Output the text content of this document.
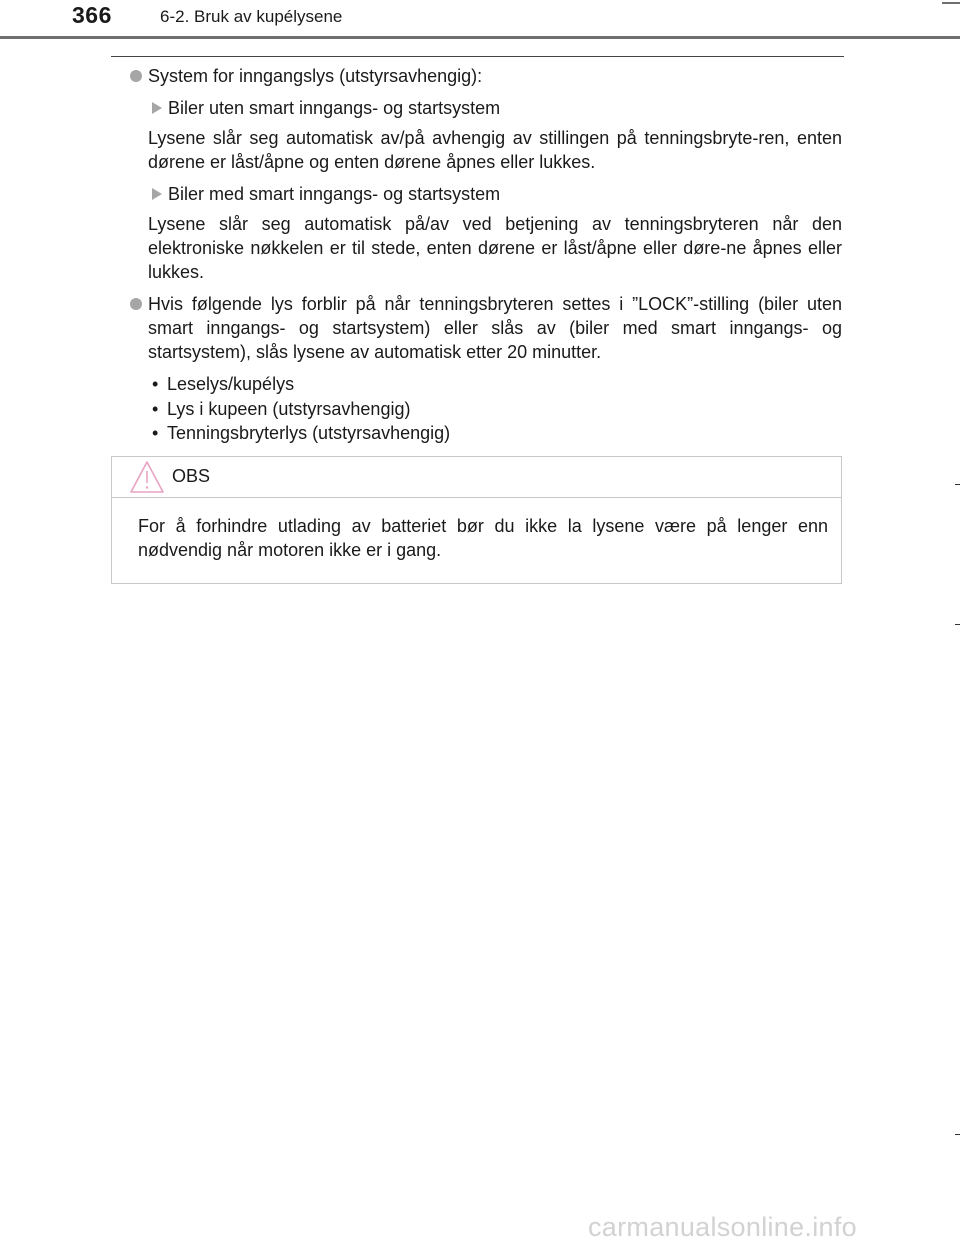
366	6-2. Bruk av kupélysene
System for inngangslys (utstyrsavhengig):
Biler uten smart inngangs- og startsystem
Lysene slår seg automatisk av/på avhengig av stillingen på tenningsbryte-ren, enten dørene er låst/åpne og enten dørene åpnes eller lukkes.
Biler med smart inngangs- og startsystem
Lysene slår seg automatisk på/av ved betjening av tenningsbryteren når den elektroniske nøkkelen er til stede, enten dørene er låst/åpne eller døre-ne åpnes eller lukkes.
Hvis følgende lys forblir på når tenningsbryteren settes i ”LOCK”-stilling (biler uten smart inngangs- og startsystem) eller slås av (biler med smart inngangs- og startsystem), slås lysene av automatisk etter 20 minutter.
• Leselys/kupélys
• Lys i kupeen (utstyrsavhengig)
• Tenningsbryterlys (utstyrsavhengig)
OBS
For å forhindre utlading av batteriet bør du ikke la lysene være på lenger enn nødvendig når motoren ikke er i gang.
carmanualsonline.info
